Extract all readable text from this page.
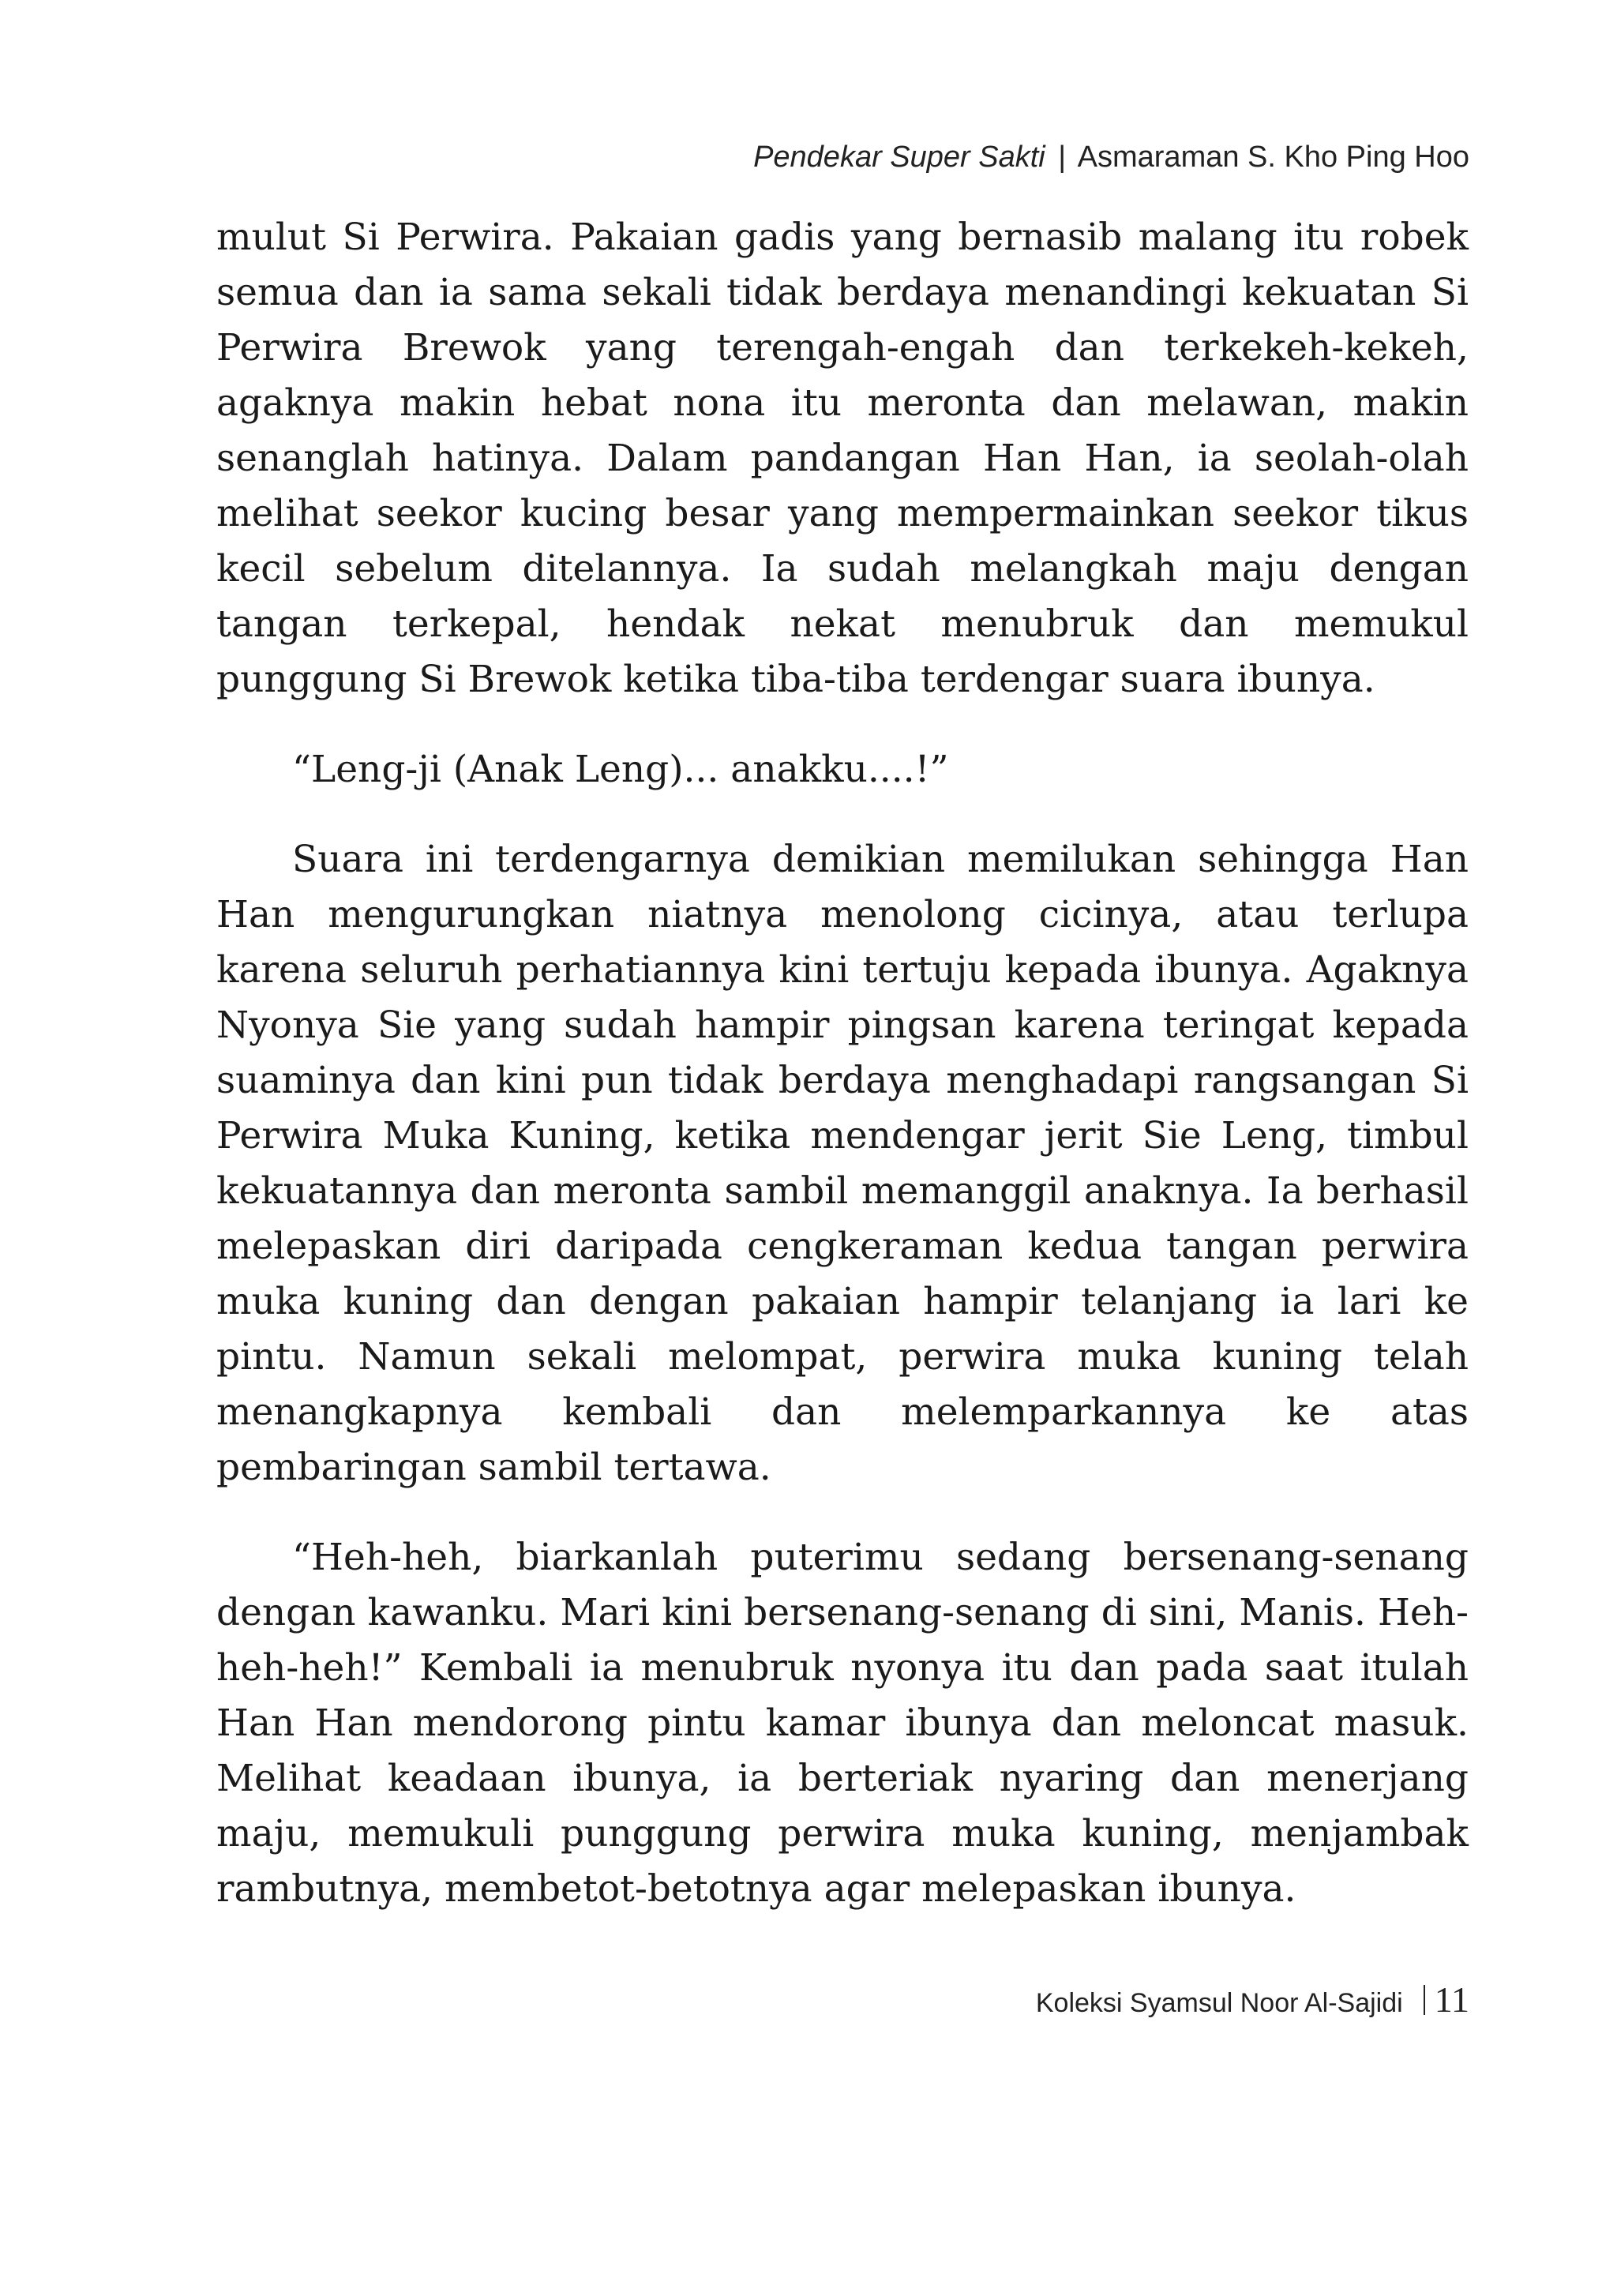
Pendekar Super Sakti | Asmaraman S. Kho Ping Hoo

mulut Si Perwira. Pakaian gadis yang bernasib malang itu robek semua dan ia sama sekali tidak berdaya menandingi kekuatan Si Perwira Brewok yang terengah-engah dan terkekeh-kekeh, agaknya makin hebat nona itu meronta dan melawan, makin senanglah hatinya. Dalam pandangan Han Han, ia seolah-olah melihat seekor kucing besar yang mempermainkan seekor tikus kecil sebelum ditelannya. Ia sudah melangkah maju dengan tangan terkepal, hendak nekat menubruk dan memukul punggung Si Brewok ketika tiba-tiba terdengar suara ibunya.

“Leng-ji (Anak Leng)... anakku....!”

Suara ini terdengarnya demikian memilukan sehingga Han Han mengurungkan niatnya menolong cicinya, atau terlupa karena seluruh perhatiannya kini tertuju kepada ibunya. Agaknya Nyonya Sie yang sudah hampir pingsan karena teringat kepada suaminya dan kini pun tidak berdaya menghadapi rangsangan Si Perwira Muka Kuning, ketika mendengar jerit Sie Leng, timbul kekuatannya dan meronta sambil memanggil anaknya. Ia berhasil melepaskan diri daripada cengkeraman kedua tangan perwira muka kuning dan dengan pakaian hampir telanjang ia lari ke pintu. Namun sekali melompat, perwira muka kuning telah menangkapnya kembali dan melemparkannya ke atas pembaringan sambil tertawa.

“Heh-heh, biarkanlah puterimu sedang bersenang-senang dengan kawanku. Mari kini bersenang-senang di sini, Manis. Heh-heh-heh!” Kembali ia menubruk nyonya itu dan pada saat itulah Han Han mendorong pintu kamar ibunya dan meloncat masuk. Melihat keadaan ibunya, ia berteriak nyaring dan menerjang maju, memukuli punggung perwira muka kuning, menjambak rambutnya, membetot-betotnya agar melepaskan ibunya.

Koleksi Syamsul Noor Al-Sajidi 11
